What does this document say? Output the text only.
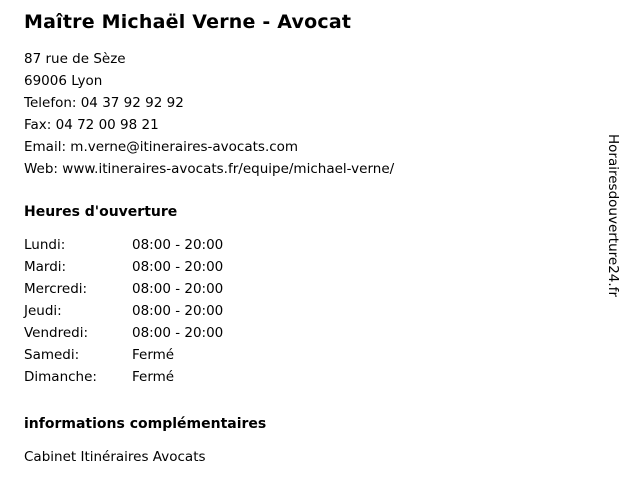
Maître Michaël Verne - Avocat
87 rue de Sèze
69006 Lyon
Telefon: 04 37 92 92 92
Fax: 04 72 00 98 21
Email: m.verne@itineraires-avocats.com
Web: www.itineraires-avocats.fr/equipe/michael-verne/
Heures d'ouverture
Lundi:	08:00 - 20:00
Mardi:	08:00 - 20:00
Mercredi:	08:00 - 20:00
Jeudi:	08:00 - 20:00
Vendredi:	08:00 - 20:00
Samedi:	Fermé
Dimanche:	Fermé
informations complémentaires
Cabinet Itinéraires Avocats
Horairesdouverture24.fr
